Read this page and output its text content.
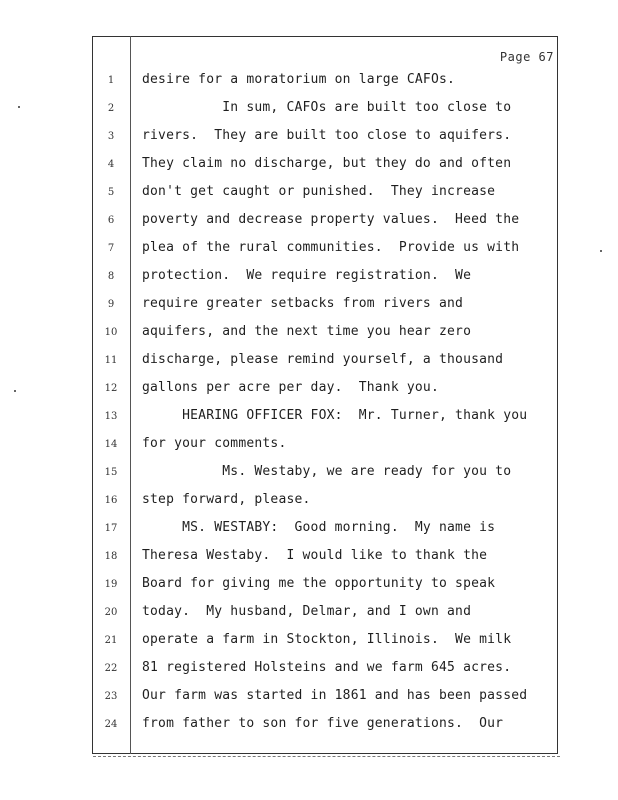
Page 67
1	desire for a moratorium on large CAFOs.
2	In sum, CAFOs are built too close to
3	rivers.  They are built too close to aquifers.
4	They claim no discharge, but they do and often
5	don't get caught or punished.  They increase
6	poverty and decrease property values.  Heed the
7	plea of the rural communities.  Provide us with
8	protection.  We require registration.  We
9	require greater setbacks from rivers and
10	aquifers, and the next time you hear zero
11	discharge, please remind yourself, a thousand
12	gallons per acre per day.  Thank you.
13	HEARING OFFICER FOX:  Mr. Turner, thank you
14	for your comments.
15	Ms. Westaby, we are ready for you to
16	step forward, please.
17	MS. WESTABY:  Good morning.  My name is
18	Theresa Westaby.  I would like to thank the
19	Board for giving me the opportunity to speak
20	today.  My husband, Delmar, and I own and
21	operate a farm in Stockton, Illinois.  We milk
22	81 registered Holsteins and we farm 645 acres.
23	Our farm was started in 1861 and has been passed
24	from father to son for five generations.  Our
